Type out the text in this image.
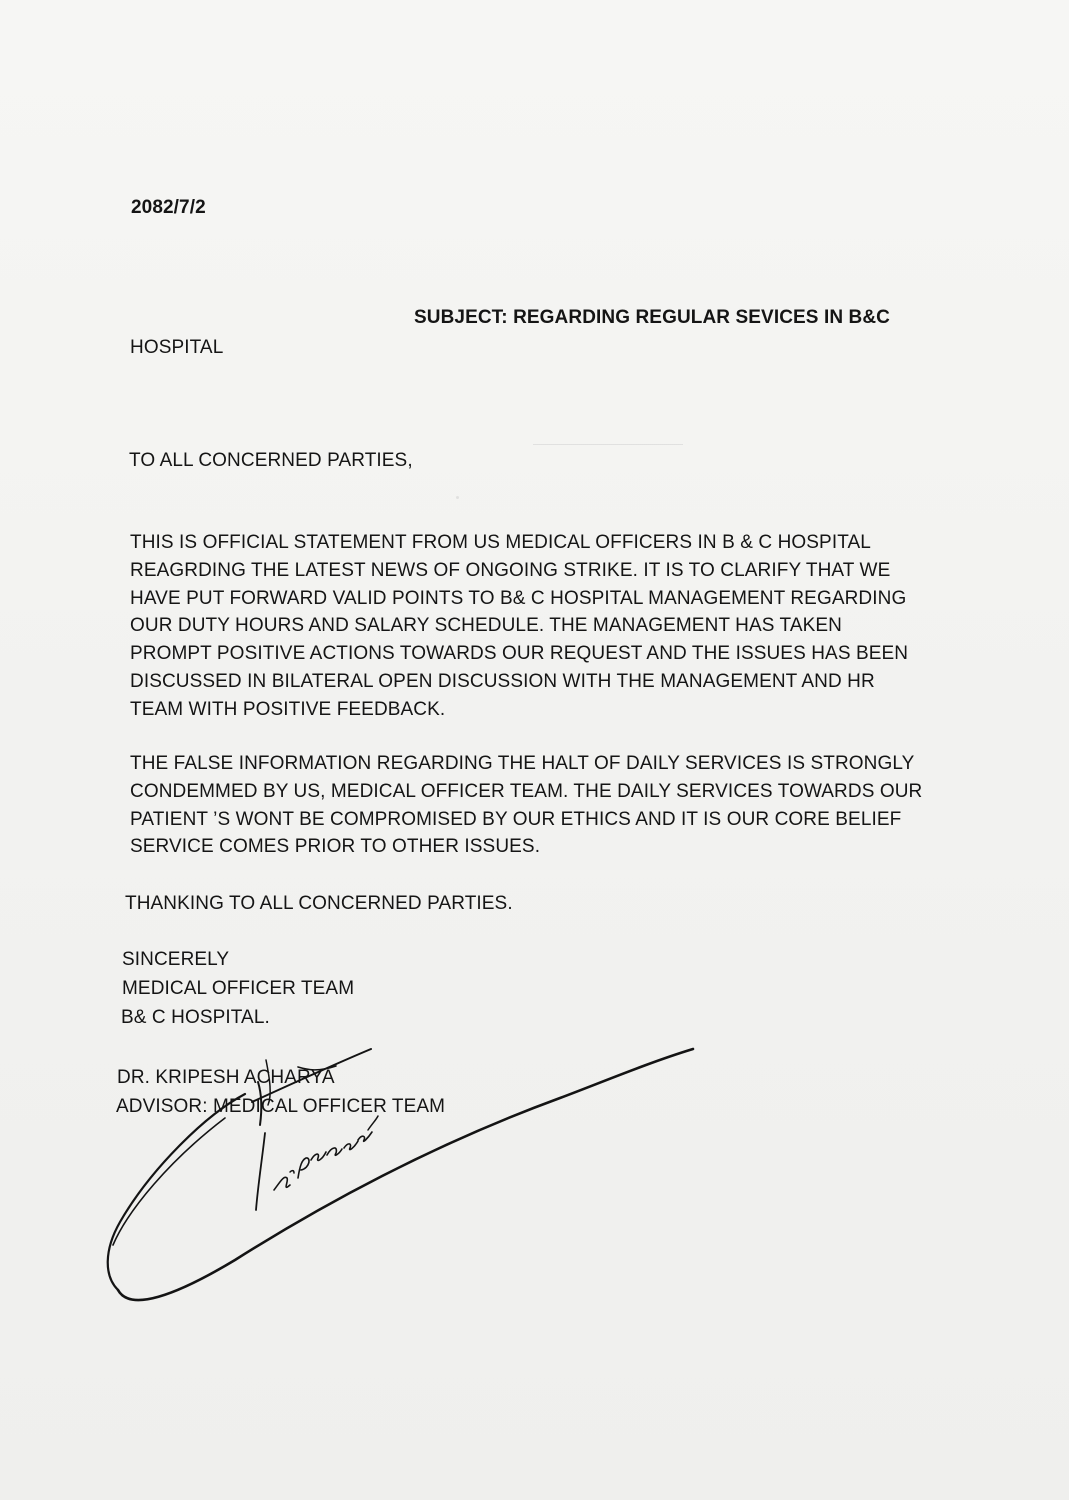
2082/7/2
SUBJECT: REGARDING REGULAR SEVICES IN B&C
HOSPITAL
TO ALL CONCERNED PARTIES,
THIS IS OFFICIAL STATEMENT FROM US MEDICAL OFFICERS IN B & C HOSPITAL
REAGRDING THE LATEST NEWS OF ONGOING STRIKE. IT IS TO CLARIFY THAT WE
HAVE PUT FORWARD VALID POINTS TO B& C HOSPITAL MANAGEMENT REGARDING
OUR DUTY HOURS AND SALARY SCHEDULE. THE MANAGEMENT HAS TAKEN
PROMPT POSITIVE ACTIONS TOWARDS OUR REQUEST AND THE ISSUES HAS BEEN
DISCUSSED IN BILATERAL OPEN DISCUSSION WITH THE MANAGEMENT AND HR
TEAM WITH POSITIVE FEEDBACK.
THE FALSE INFORMATION REGARDING THE HALT OF DAILY SERVICES IS STRONGLY
CONDEMMED BY US, MEDICAL OFFICER TEAM. THE DAILY SERVICES TOWARDS OUR
PATIENT ’S WONT BE COMPROMISED BY OUR ETHICS AND IT IS OUR CORE BELIEF
SERVICE COMES PRIOR TO OTHER ISSUES.
THANKING TO ALL CONCERNED PARTIES.
SINCERELY
MEDICAL OFFICER TEAM
B& C HOSPITAL.
DR. KRIPESH ACHARYA
ADVISOR: MEDICAL OFFICER TEAM
